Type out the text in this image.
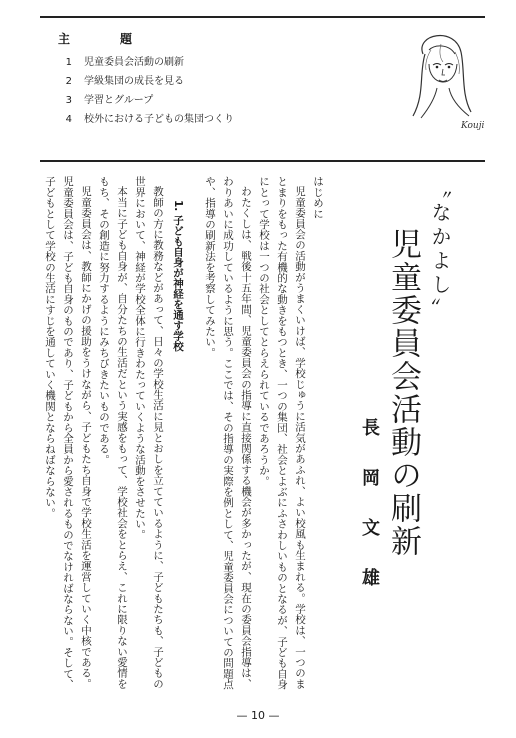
主	題
1 児童委員会活動の刷新
2 学級集団の成長を見る
3 学習とグループ
4 校外における子どもの集団つくり
Kouji
〝なかよし〟
児童委員会活動の刷新
長岡文雄
はじめに
児童委員会の活動がうまくいけば、学校じゅうに活気があふれ、よい校風も生まれる。学校は、一つのま
とまりをもった有機的な動きをもつとき、一つの集団、社会とよぶにふさわしいものとなるが、子ども自身
にとって学校は一つの社会としてとらえられているであろうか。
わたくしは、戦後十五年間、児童委員会の指導に直接関係する機会が多かったが、現在の委員会指導は、
わりあいに成功しているように思う。ここでは、その指導の実際を例として、児童委員会についての問題点
や、指導の刷新法を考察してみたい。
1. 子ども自身が神経を通す学校
教師の方に教務などがあって、日々の学校生活に見とおしを立てているように、子どもたちも、子どもの
世界において、神経が学校全体に行きわたっていくような活動をさせたい。
本当に子ども自身が、自分たちの生活だという実感をもって、学校社会をとらえ、これに限りない愛情を
もち、その創造に努力するようにみちびきたいものである。
児童委員会は、教師にかげの援助をうけながら、子どもたち自身で学校生活を運営していく中核である。
児童委員会は、子ども自身のものであり、子どもから全員から愛されるものでなければならない。そして、
子どもとして学校の生活にすじを通していく機関とならねばならない。
— 10 —
